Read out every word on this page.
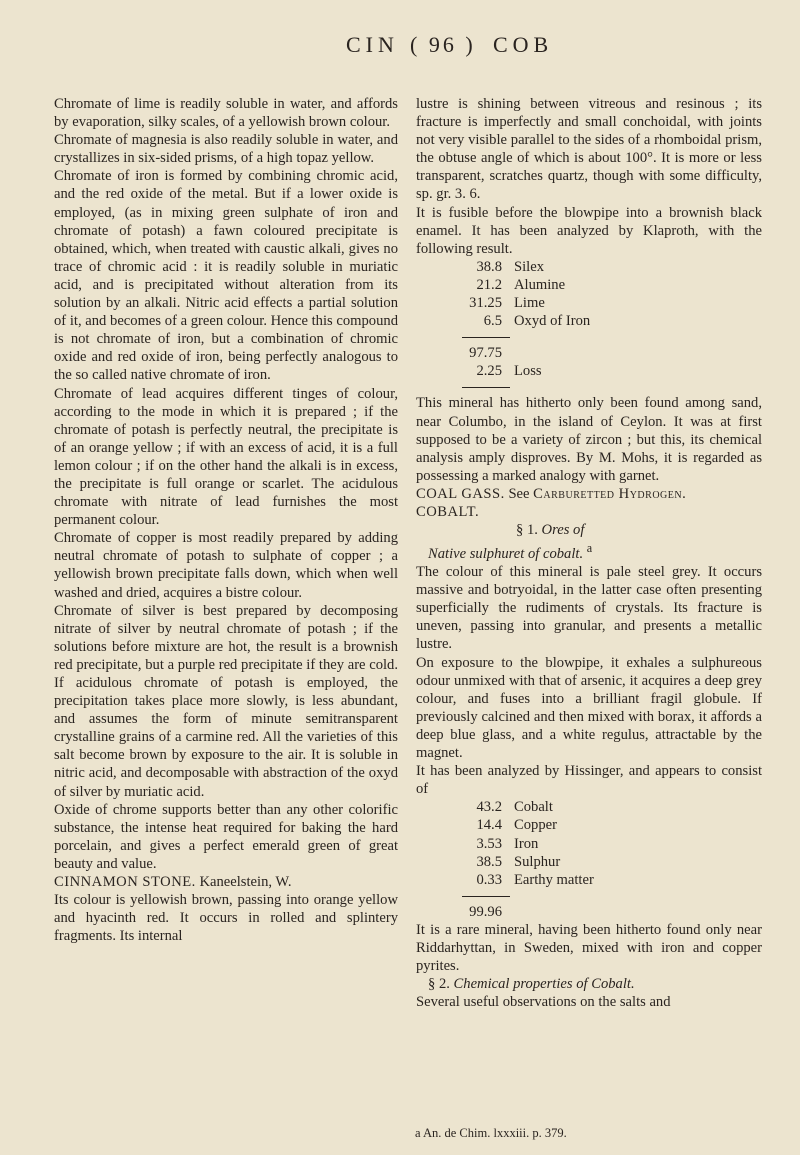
CIN ( 96 ) COB

Chromate of lime is readily soluble in water, and affords by evaporation, silky scales, of a yellowish brown colour.

Chromate of magnesia is also readily soluble in water, and crystallizes in six-sided prisms, of a high topaz yellow.

Chromate of iron is formed by combining chromic acid, and the red oxide of the metal. But if a lower oxide is employed, (as in mixing green sulphate of iron and chromate of potash) a fawn coloured precipitate is obtained, which, when treated with caustic alkali, gives no trace of chromic acid : it is readily soluble in muriatic acid, and is precipitated without alteration from its solution by an alkali. Nitric acid effects a partial solution of it, and becomes of a green colour. Hence this compound is not chromate of iron, but a combination of chromic oxide and red oxide of iron, being perfectly analogous to the so called native chromate of iron.

Chromate of lead acquires different tinges of colour, according to the mode in which it is prepared ; if the chromate of potash is perfectly neutral, the precipitate is of an orange yellow ; if with an excess of acid, it is a full lemon colour ; if on the other hand the alkali is in excess, the precipitate is full orange or scarlet. The acidulous chromate with nitrate of lead furnishes the most permanent colour.

Chromate of copper is most readily prepared by adding neutral chromate of potash to sulphate of copper ; a yellowish brown precipitate falls down, which when well washed and dried, acquires a bistre colour.

Chromate of silver is best prepared by decomposing nitrate of silver by neutral chromate of potash ; if the solutions before mixture are hot, the result is a brownish red precipitate, but a purple red precipitate if they are cold. If acidulous chromate of potash is employed, the precipitation takes place more slowly, is less abundant, and assumes the form of minute semitransparent crystalline grains of a carmine red. All the varieties of this salt become brown by exposure to the air. It is soluble in nitric acid, and decomposable with abstraction of the oxyd of silver by muriatic acid.

Oxide of chrome supports better than any other colorific substance, the intense heat required for baking the hard porcelain, and gives a perfect emerald green of great beauty and value.

CINNAMON STONE. Kaneelstein, W.

Its colour is yellowish brown, passing into orange yellow and hyacinth red. It occurs in rolled and splintery fragments. Its internal

lustre is shining between vitreous and resinous ; its fracture is imperfectly and small conchoidal, with joints not very visible parallel to the sides of a rhomboidal prism, the obtuse angle of which is about 100°. It is more or less transparent, scratches quartz, though with some difficulty, sp. gr. 3. 6.

It is fusible before the blowpipe into a brownish black enamel. It has been analyzed by Klaproth, with the following result.

38.8	Silex
21.2	Alumine
31.25	Lime
6.5	Oxyd of Iron
97.75	
2.25	Loss

This mineral has hitherto only been found among sand, near Columbo, in the island of Ceylon. It was at first supposed to be a variety of zircon ; but this, its chemical analysis amply disproves. By M. Mohs, it is regarded as possessing a marked analogy with garnet.

COAL GASS. See Carburetted Hydrogen.

COBALT.

§ 1. Ores of

Native sulphuret of cobalt. $^a$

The colour of this mineral is pale steel grey. It occurs massive and botryoidal, in the latter case often presenting superficially the rudiments of crystals. Its fracture is uneven, passing into granular, and presents a metallic lustre.

On exposure to the blowpipe, it exhales a sulphureous odour unmixed with that of arsenic, it acquires a deep grey colour, and fuses into a brilliant fragil globule. If previously calcined and then mixed with borax, it affords a deep blue glass, and a white regulus, attractable by the magnet.

It has been analyzed by Hissinger, and appears to consist of

43.2	Cobalt
14.4	Copper
3.53	Iron
38.5	Sulphur
0.33	Earthy matter
99.96	

It is a rare mineral, having been hitherto found only near Riddarhyttan, in Sweden, mixed with iron and copper pyrites.

§ 2. Chemical properties of Cobalt.

Several useful observations on the salts and

a An. de Chim. lxxxiii. p. 379.
